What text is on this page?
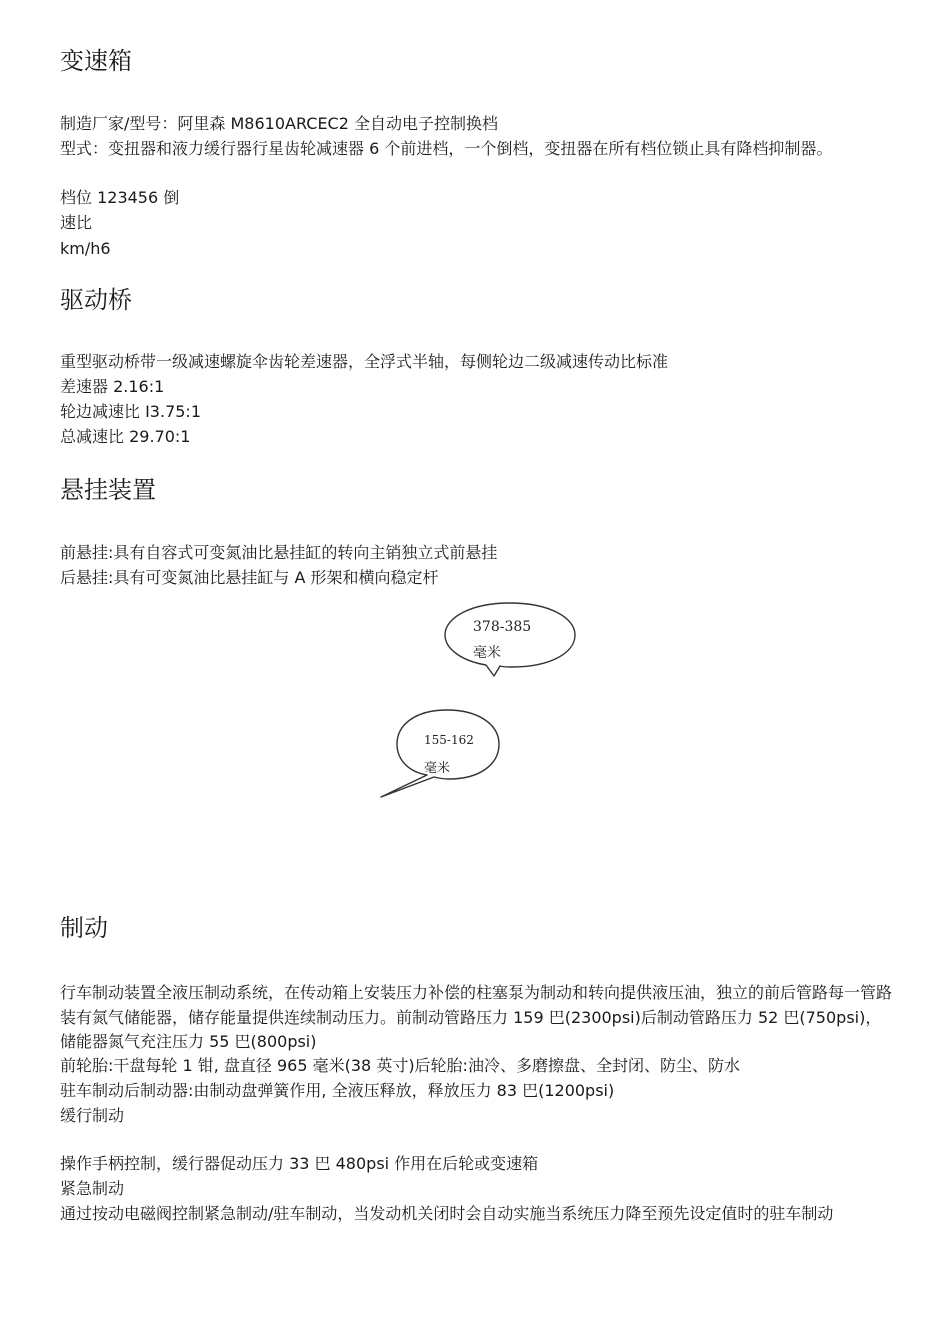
变速箱

制造厂家/型号：阿里森 M8610ARCEC2 全自动电子控制换档

型式：变扭器和液力缓行器行星齿轮减速器 6 个前进档，一个倒档，变扭器在所有档位锁止具有降档抑制器。

档位 123456 倒

速比

km/h6

驱动桥

重型驱动桥带一级减速螺旋伞齿轮差速器，全浮式半轴，每侧轮边二级减速传动比标准

差速器 2.16:1

轮边减速比 I3.75:1

总减速比 29.70:1

悬挂装置

前悬挂:具有自容式可变氮油比悬挂缸的转向主销独立式前悬挂

后悬挂:具有可变氮油比悬挂缸与 A 形架和横向稳定杆

制动

行车制动装置全液压制动系统，在传动箱上安装压力补偿的柱塞泵为制动和转向提供液压油，独立的前后管路每一管路装有氮气储能器，储存能量提供连续制动压力。前制动管路压力 159 巴(2300psi)后制动管路压力 52 巴(750psi)，储能器氮气充注压力 55 巴(800psi)

前轮胎:干盘每轮 1 钳, 盘直径 965 毫米(38 英寸)后轮胎:油冷、多磨擦盘、全封闭、防尘、防水

驻车制动后制动器:由制动盘弹簧作用, 全液压释放，释放压力 83 巴(1200psi)

缓行制动

操作手柄控制，缓行器促动压力 33 巴 480psi 作用在后轮或变速箱

紧急制动

通过按动电磁阀控制紧急制动/驻车制动，当发动机关闭时会自动实施当系统压力降至预先设定值时的驻车制动

378-385
毫米
155-162
毫米
